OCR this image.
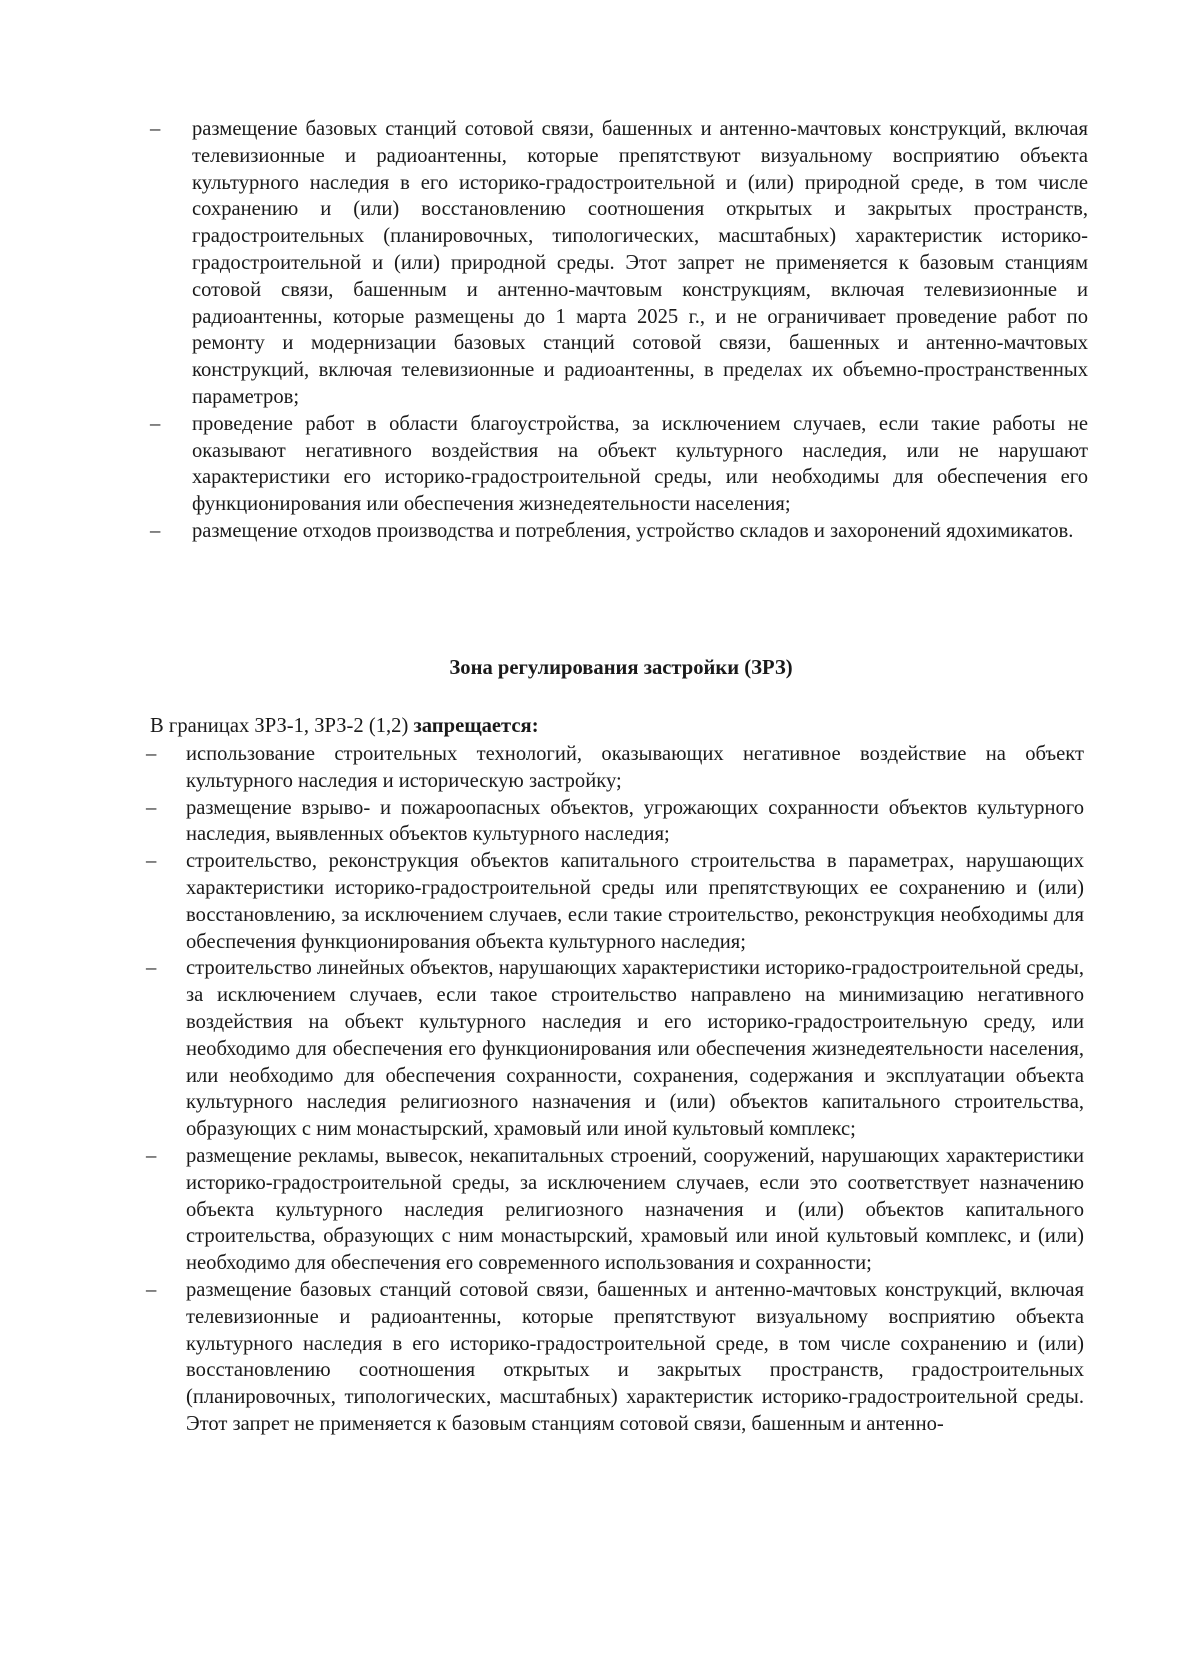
–	размещение базовых станций сотовой связи, башенных и антенно-мачтовых конструкций, включая телевизионные и радиоантенны, которые препятствуют визуальному восприятию объекта культурного наследия в его историко-градостроительной и (или) природной среде, в том числе сохранению и (или) восстановлению соотношения открытых и закрытых пространств, градостроительных (планировочных, типологических, масштабных) характеристик историко-градостроительной и (или) природной среды. Этот запрет не применяется к базовым станциям сотовой связи, башенным и антенно-мачтовым конструкциям, включая телевизионные и радиоантенны, которые размещены до 1 марта 2025 г., и не ограничивает проведение работ по ремонту и модернизации базовых станций сотовой связи, башенных и антенно-мачтовых конструкций, включая телевизионные и радиоантенны, в пределах их объемно-пространственных параметров;
–	проведение работ в области благоустройства, за исключением случаев, если такие работы не оказывают негативного воздействия на объект культурного наследия, или не нарушают характеристики его историко-градостроительной среды, или необходимы для обеспечения его функционирования или обеспечения жизнедеятельности населения;
–	размещение отходов производства и потребления, устройство складов и захоронений ядохимикатов.
Зона регулирования застройки (ЗРЗ)

В границах ЗРЗ-1, ЗРЗ-2 (1,2) запрещается:

–	использование строительных технологий, оказывающих негативное воздействие на объект культурного наследия и историческую застройку;
–	размещение взрыво- и пожароопасных объектов, угрожающих сохранности объектов культурного наследия, выявленных объектов культурного наследия;
–	строительство, реконструкция объектов капитального строительства в параметрах, нарушающих характеристики историко-градостроительной среды или препятствующих ее сохранению и (или) восстановлению, за исключением случаев, если такие строительство, реконструкция необходимы для обеспечения функционирования объекта культурного наследия;
–	строительство линейных объектов, нарушающих характеристики историко-градостроительной среды, за исключением случаев, если такое строительство направлено на минимизацию негативного воздействия на объект культурного наследия и его историко-градостроительную среду, или необходимо для обеспечения его функционирования или обеспечения жизнедеятельности населения, или необходимо для обеспечения сохранности, сохранения, содержания и эксплуатации объекта культурного наследия религиозного назначения и (или) объектов капитального строительства, образующих с ним монастырский, храмовый или иной культовый комплекс;
–	размещение рекламы, вывесок, некапитальных строений, сооружений, нарушающих характеристики историко-градостроительной среды, за исключением случаев, если это соответствует назначению объекта культурного наследия религиозного назначения и (или) объектов капитального строительства, образующих с ним монастырский, храмовый или иной культовый комплекс, и (или) необходимо для обеспечения его современного использования и сохранности;
–	размещение базовых станций сотовой связи, башенных и антенно-мачтовых конструкций, включая телевизионные и радиоантенны, которые препятствуют визуальному восприятию объекта культурного наследия в его историко-градостроительной среде, в том числе сохранению и (или) восстановлению соотношения открытых и закрытых пространств, градостроительных (планировочных, типологических, масштабных) характеристик историко-градостроительной среды. Этот запрет не применяется к базовым станциям сотовой связи, башенным и антенно-
